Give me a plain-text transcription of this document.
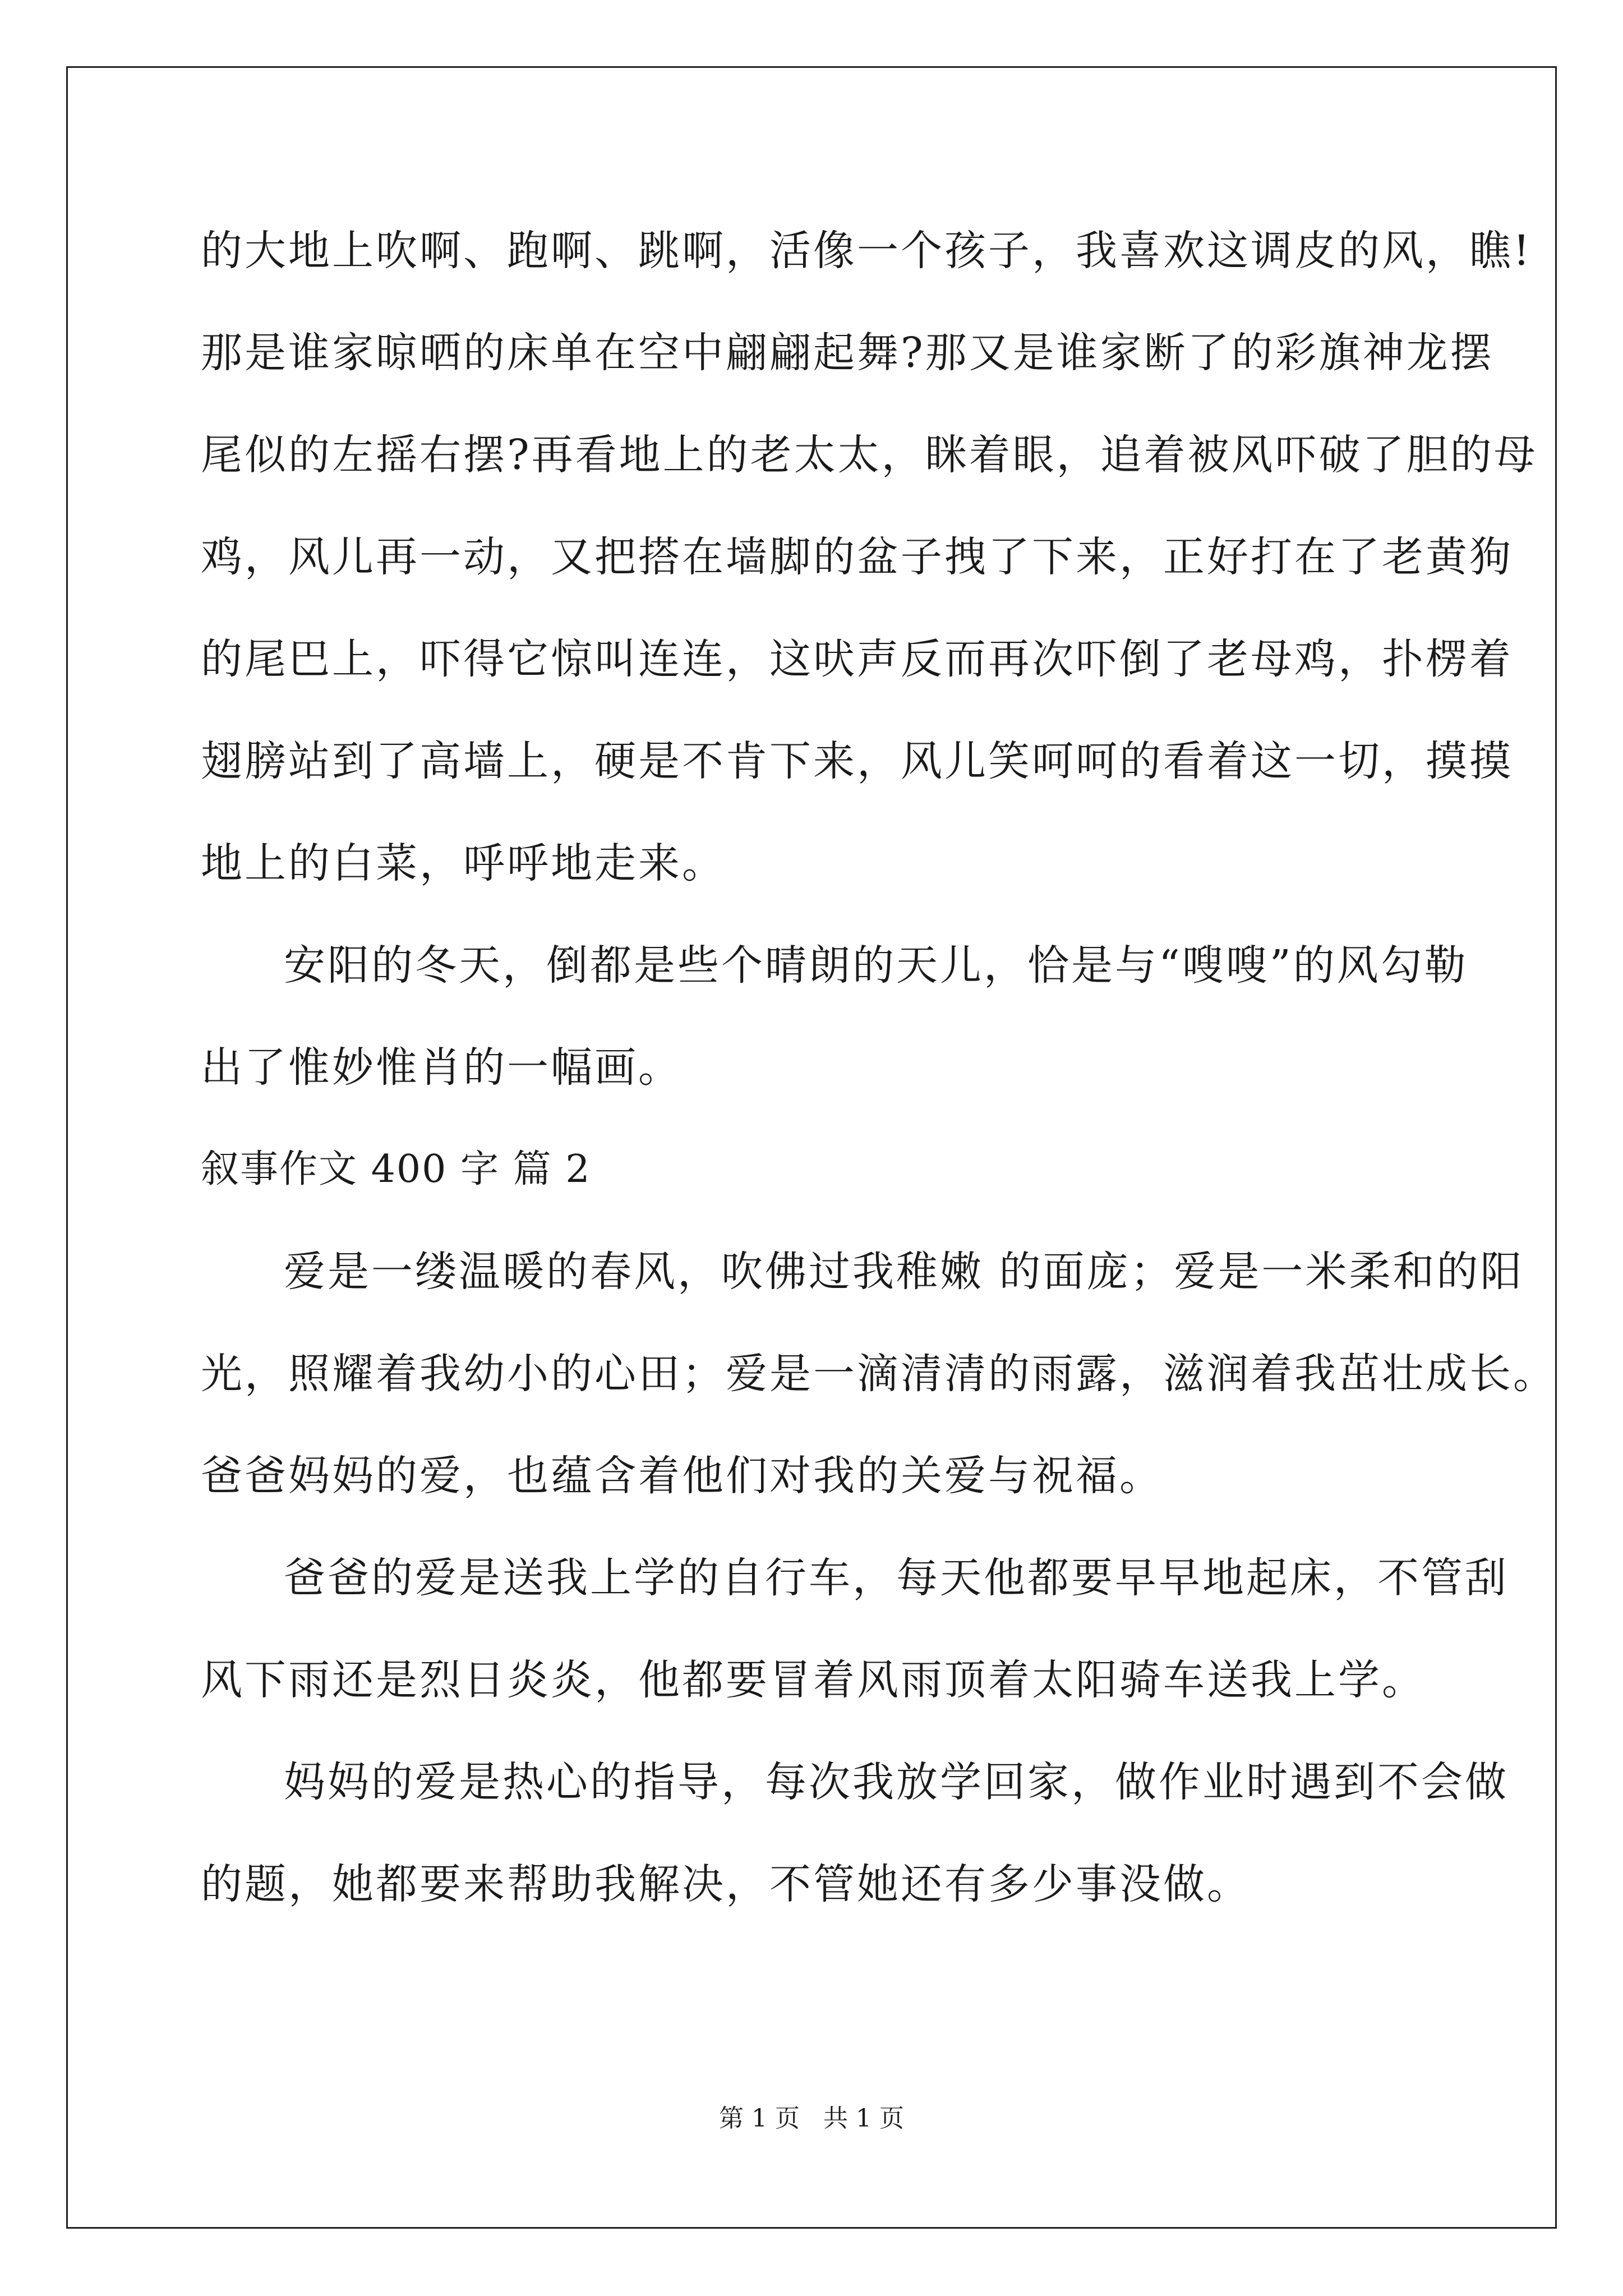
的大地上吹啊、跑啊、跳啊，活像一个孩子，我喜欢这调皮的风，瞧!
那是谁家晾晒的床单在空中翩翩起舞?那又是谁家断了的彩旗神龙摆
尾似的左摇右摆?再看地上的老太太，眯着眼，追着被风吓破了胆的母
鸡，风儿再一动，又把搭在墙脚的盆子拽了下来，正好打在了老黄狗
的尾巴上，吓得它惊叫连连，这吠声反而再次吓倒了老母鸡，扑楞着
翅膀站到了高墙上，硬是不肯下来，风儿笑呵呵的看着这一切，摸摸
地上的白菜，呼呼地走来。
安阳的冬天，倒都是些个晴朗的天儿，恰是与“嗖嗖”的风勾勒
出了惟妙惟肖的一幅画。
叙事作文 400 字 篇 2
爱是一缕温暖的春风，吹佛过我稚嫩 的面庞；爱是一米柔和的阳
光，照耀着我幼小的心田；爱是一滴清清的雨露，滋润着我茁壮成长。
爸爸妈妈的爱，也蕴含着他们对我的关爱与祝福。
爸爸的爱是送我上学的自行车，每天他都要早早地起床，不管刮
风下雨还是烈日炎炎，他都要冒着风雨顶着太阳骑车送我上学。
妈妈的爱是热心的指导，每次我放学回家，做作业时遇到不会做
的题，她都要来帮助我解决，不管她还有多少事没做。
第 1 页   共 1 页
